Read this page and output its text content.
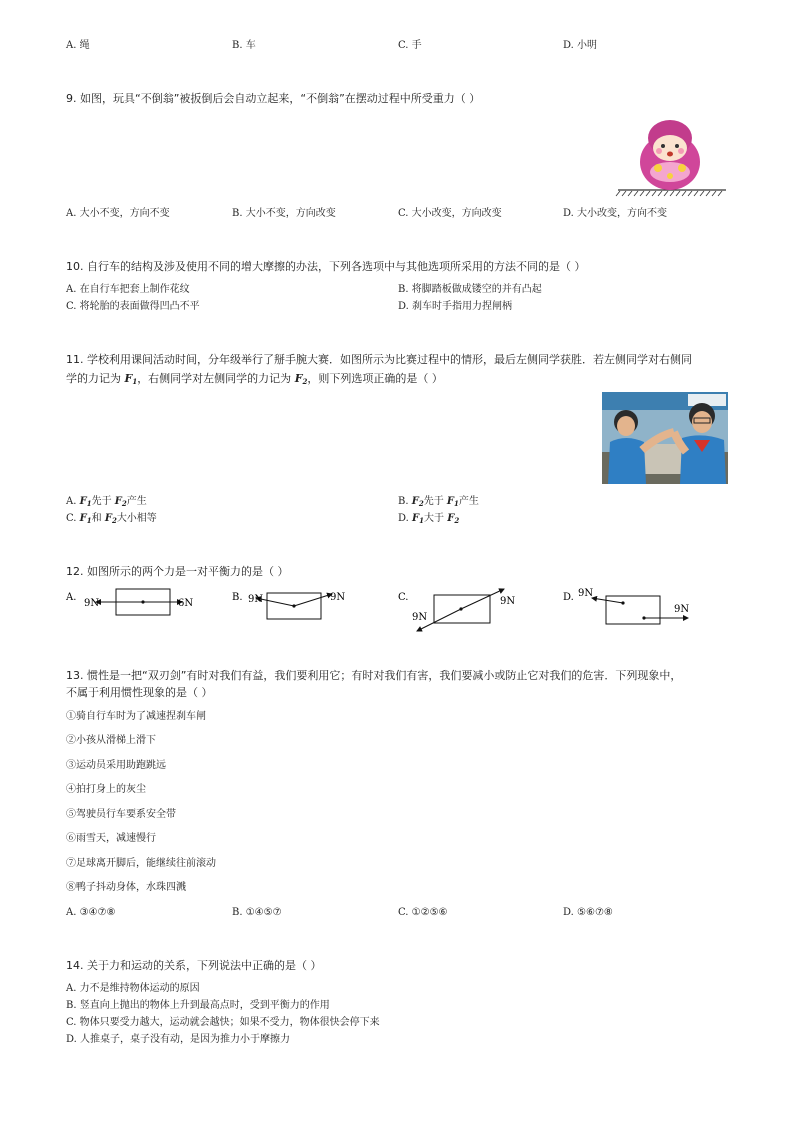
A. 绳	B. 车	C. 手	D. 小明
9. 如图，玩具“不倒翁”被扳倒后会自动立起来，“不倒翁”在摆动过程中所受重力（ ）
A. 大小不变，方向不变	B. 大小不变，方向改变	C. 大小改变，方向改变	D. 大小改变，方向不变
10. 自行车的结构及涉及使用不同的增大摩擦的办法，下列各选项中与其他选项所采用的方法不同的是（ ）
A. 在自行车把套上制作花纹	B. 将脚踏板做成镂空的并有凸起
C. 将轮胎的表面做得凹凸不平	D. 刹车时手指用力捏闸柄
11. 学校利用课间活动时间，分年级举行了掰手腕大赛．如图所示为比赛过程中的情形，最后左侧同学获胜．若左侧同学对右侧同
学的力记为 $F_1$，右侧同学对左侧同学的力记为 $F_2$，则下列选项正确的是（ ）
A. $F_1$先于 $F_2$产生	B. $F_2$先于 $F_1$产生
C. $F_1$和 $F_2$大小相等	D. $F_1$大于 $F_2$
12. 如图所示的两个力是一对平衡力的是（ ）
A.
9N	6N
B. 9N	9N	C.	9N
9N
D. 9N
9N
13. 惯性是一把“双刃剑”有时对我们有益，我们要利用它；有时对我们有害，我们要减小或防止它对我们的危害．下列现象中，
不属于利用惯性现象的是（ ）
①骑自行车时为了减速捏刹车闸
②小孩从滑梯上滑下
③运动员采用助跑跳远
④拍打身上的灰尘
⑤驾驶员行车要系安全带
⑥雨雪天，减速慢行
⑦足球离开脚后，能继续往前滚动
⑧鸭子抖动身体，水珠四溅
A. ③④⑦⑧	B. ①④⑤⑦	C. ①②⑤⑥	D. ⑤⑥⑦⑧
14. 关于力和运动的关系，下列说法中正确的是（ ）
A. 力不是维持物体运动的原因
B. 竖直向上抛出的物体上升到最高点时，受到平衡力的作用
C. 物体只要受力越大，运动就会越快；如果不受力，物体很快会停下来
D. 人推桌子，桌子没有动，是因为推力小于摩擦力
